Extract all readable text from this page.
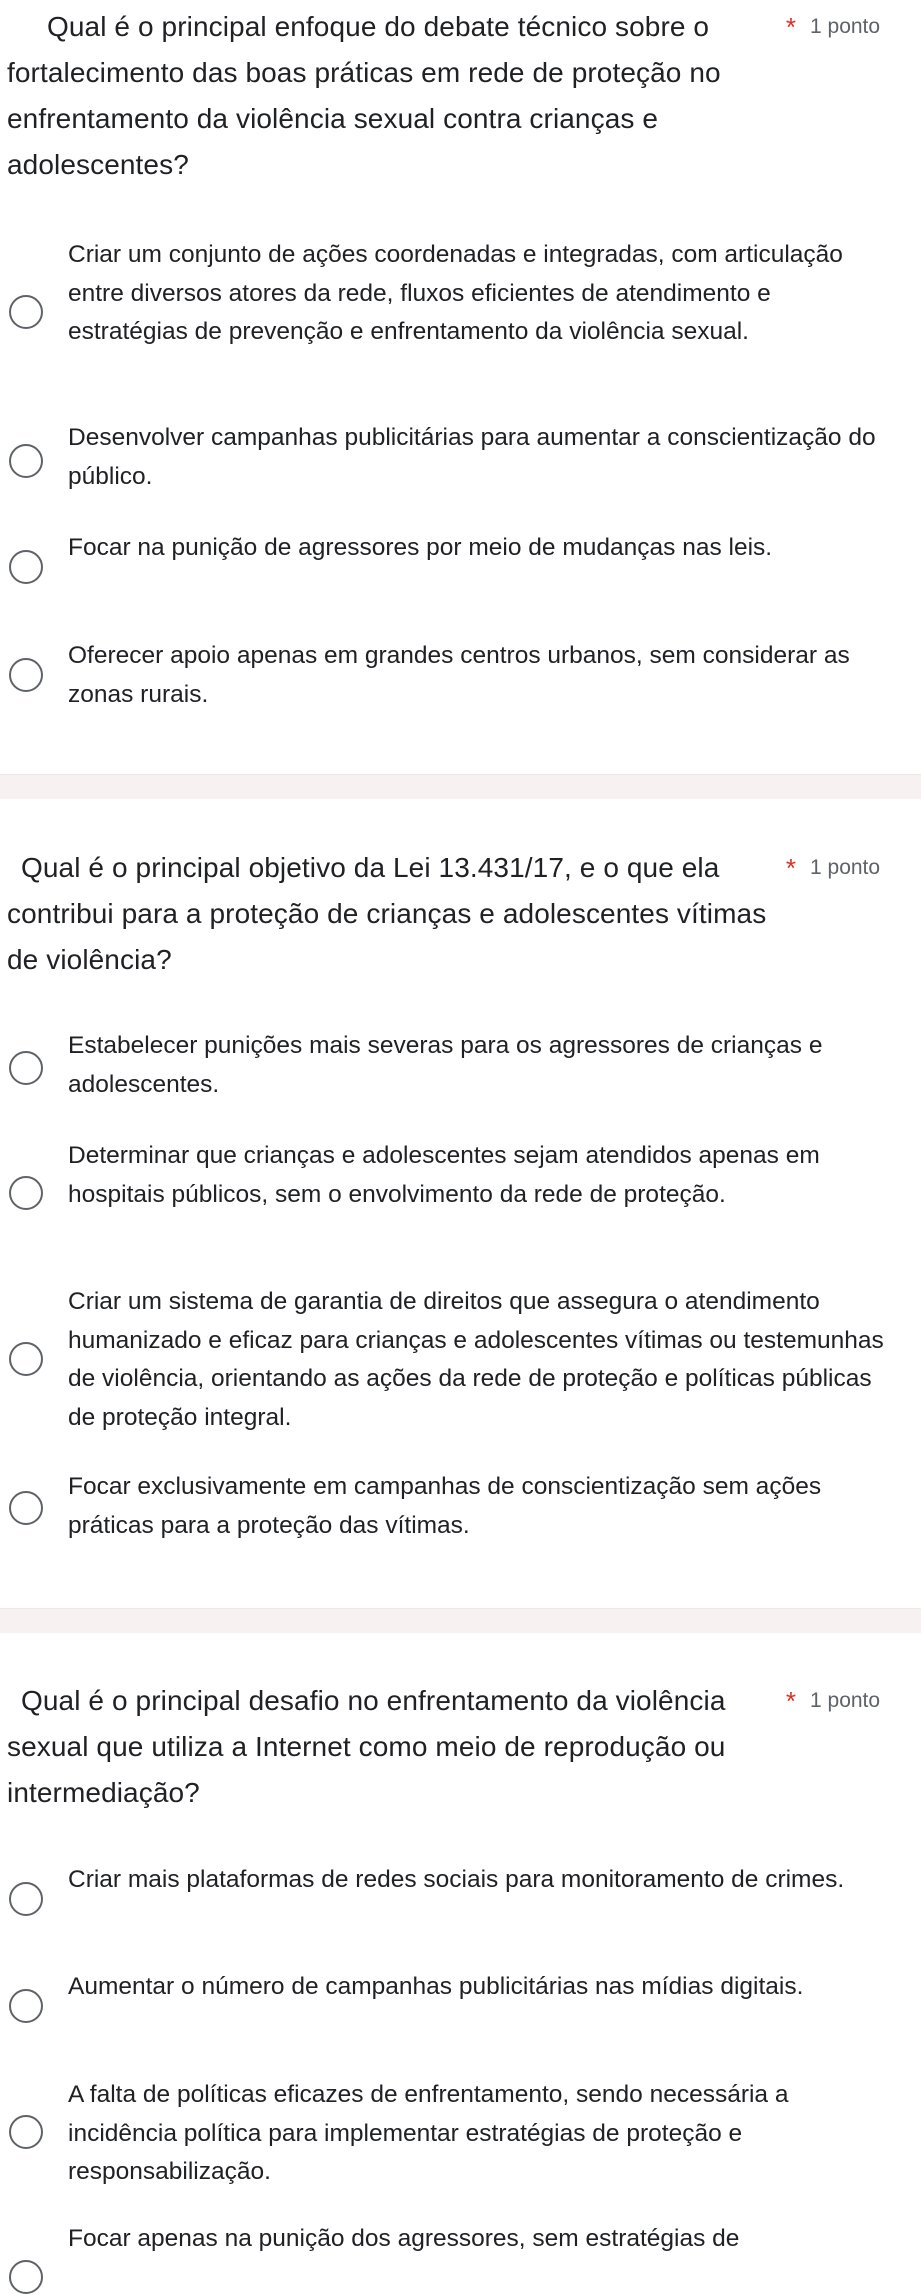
Qual é o principal enfoque do debate técnico sobre o fortalecimento das boas práticas em rede de proteção no enfrentamento da violência sexual contra crianças e adolescentes?
* 1 ponto
Criar um conjunto de ações coordenadas e integradas, com articulação entre diversos atores da rede, fluxos eficientes de atendimento e estratégias de prevenção e enfrentamento da violência sexual.
Desenvolver campanhas publicitárias para aumentar a conscientização do público.
Focar na punição de agressores por meio de mudanças nas leis.
Oferecer apoio apenas em grandes centros urbanos, sem considerar as zonas rurais.
Qual é o principal objetivo da Lei 13.431/17, e o que ela contribui para a proteção de crianças e adolescentes vítimas de violência?
* 1 ponto
Estabelecer punições mais severas para os agressores de crianças e adolescentes.
Determinar que crianças e adolescentes sejam atendidos apenas em hospitais públicos, sem o envolvimento da rede de proteção.
Criar um sistema de garantia de direitos que assegura o atendimento humanizado e eficaz para crianças e adolescentes vítimas ou testemunhas de violência, orientando as ações da rede de proteção e políticas públicas de proteção integral.
Focar exclusivamente em campanhas de conscientização sem ações práticas para a proteção das vítimas.
Qual é o principal desafio no enfrentamento da violência sexual que utiliza a Internet como meio de reprodução ou intermediação?
* 1 ponto
Criar mais plataformas de redes sociais para monitoramento de crimes.
Aumentar o número de campanhas publicitárias nas mídias digitais.
A falta de políticas eficazes de enfrentamento, sendo necessária a incidência política para implementar estratégias de proteção e responsabilização.
Focar apenas na punição dos agressores, sem estratégias de
